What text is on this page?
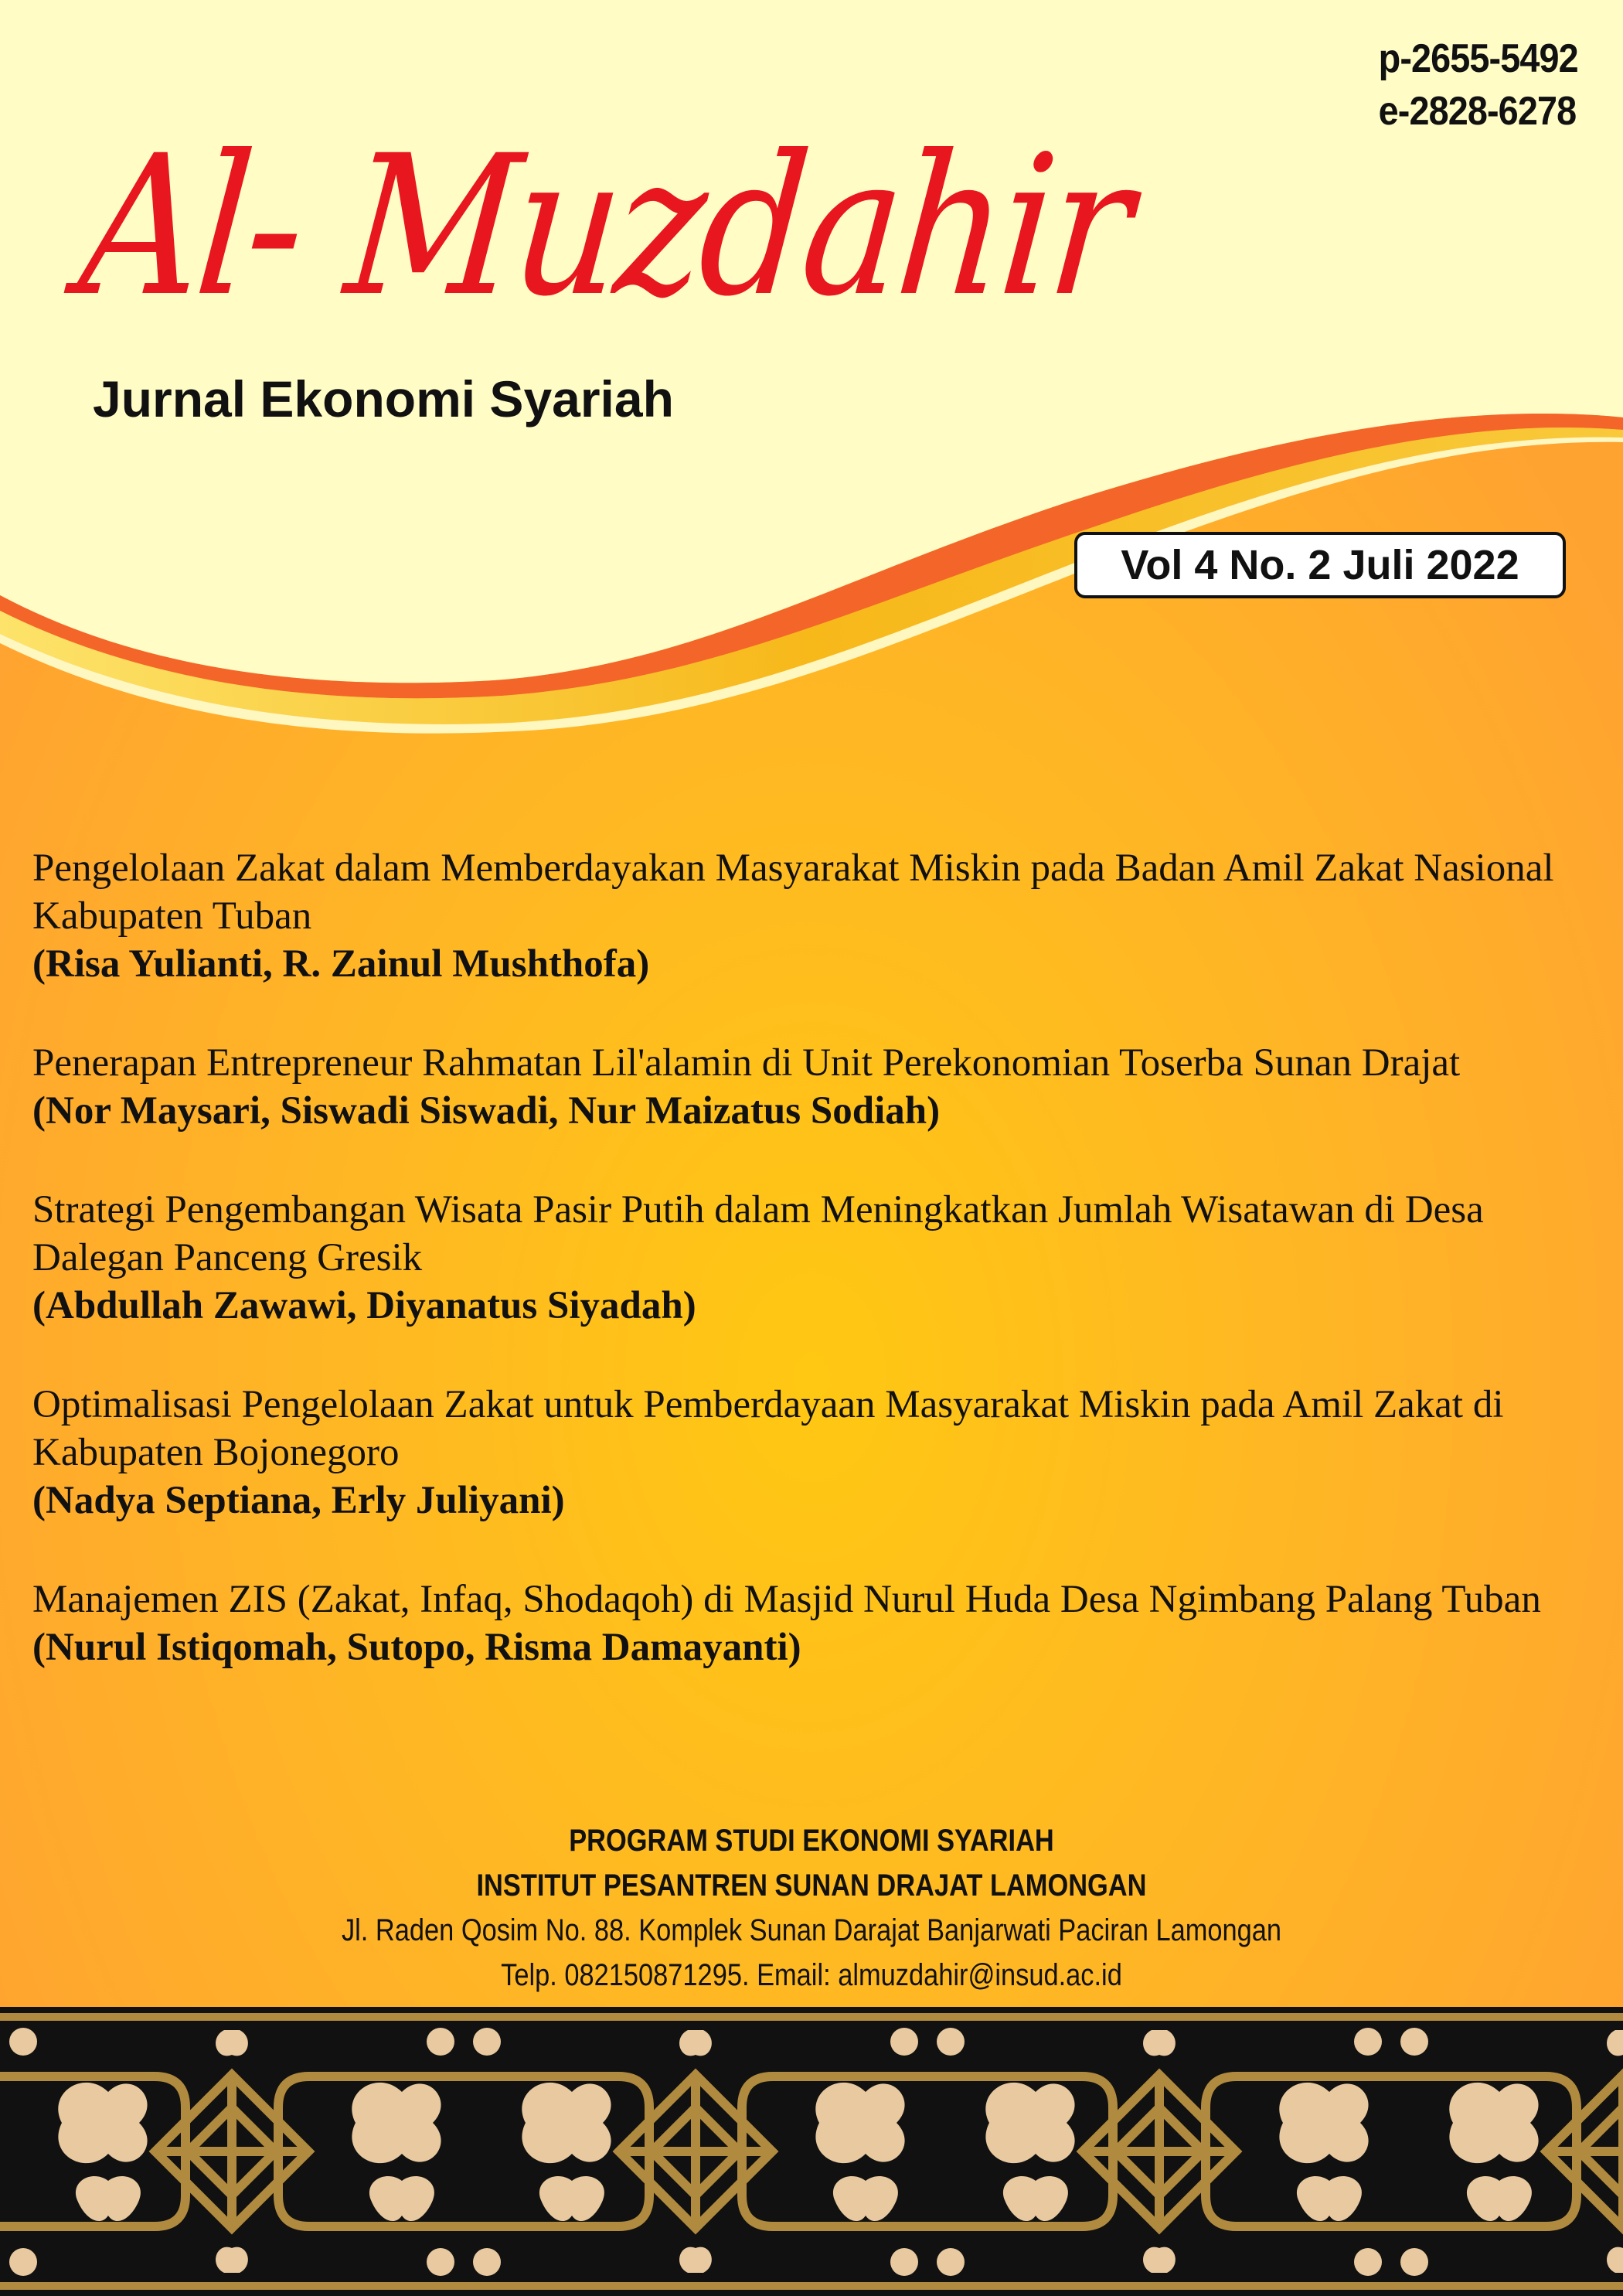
p-2655-5492
e-2828-6278
Al- Muzdahir
Jurnal Ekonomi Syariah
Vol 4 No. 2 Juli 2022
Pengelolaan Zakat dalam Memberdayakan Masyarakat Miskin pada Badan Amil Zakat Nasional Kabupaten Tuban
(Risa Yulianti, R. Zainul Mushthofa)
Penerapan Entrepreneur Rahmatan Lil'alamin di Unit Perekonomian Toserba Sunan Drajat
(Nor Maysari, Siswadi Siswadi, Nur Maizatus Sodiah)
Strategi Pengembangan Wisata Pasir Putih dalam Meningkatkan Jumlah Wisatawan di Desa Dalegan Panceng Gresik
(Abdullah Zawawi, Diyanatus Siyadah)
Optimalisasi Pengelolaan Zakat untuk Pemberdayaan Masyarakat Miskin pada Amil Zakat di Kabupaten Bojonegoro
(Nadya Septiana, Erly Juliyani)
Manajemen ZIS (Zakat, Infaq, Shodaqoh) di Masjid Nurul Huda Desa Ngimbang Palang Tuban
(Nurul Istiqomah, Sutopo, Risma Damayanti)
PROGRAM STUDI EKONOMI SYARIAH
INSTITUT PESANTREN SUNAN DRAJAT LAMONGAN
Jl. Raden Qosim No. 88. Komplek Sunan Darajat Banjarwati Paciran Lamongan
Telp. 082150871295. Email: almuzdahir@insud.ac.id
